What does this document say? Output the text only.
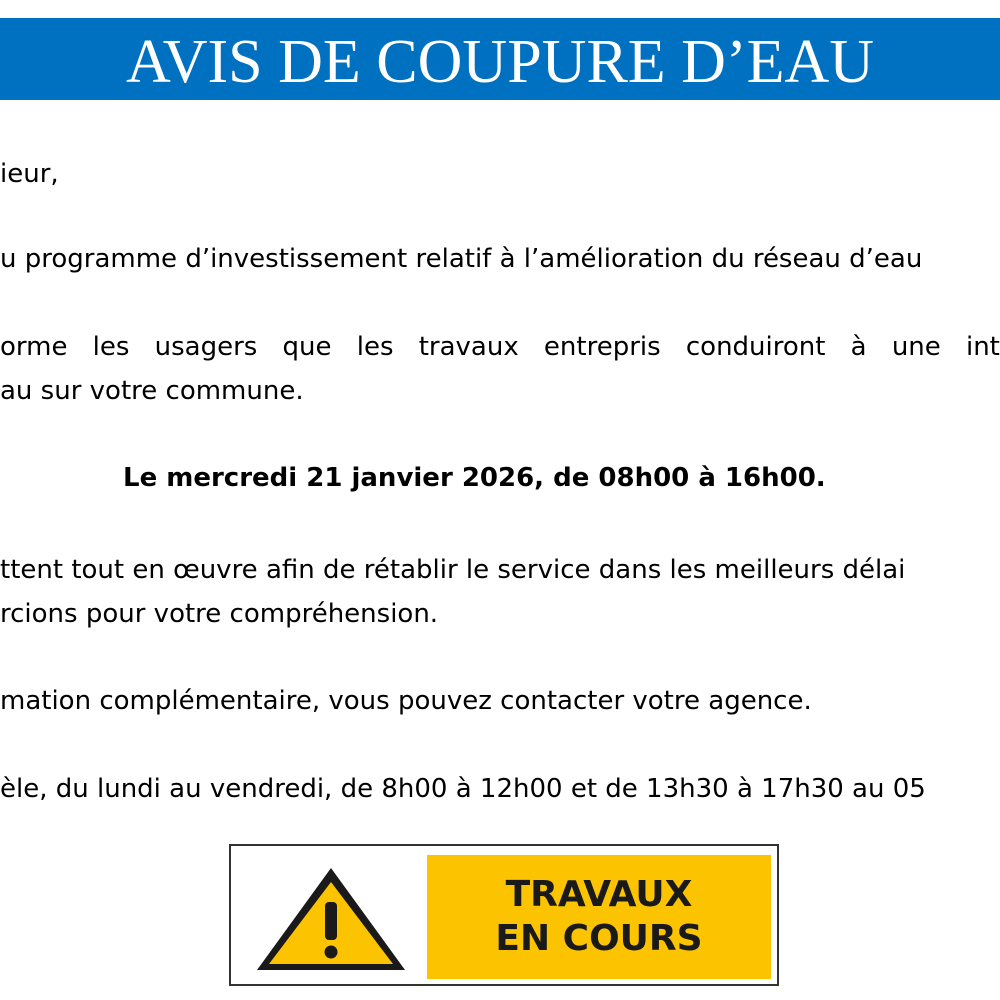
AVIS DE COUPURE D’EAU
ieur,
u programme d’investissement relatif à l’amélioration du réseau d’eau
orme les usagers que les travaux entrepris conduiront à une int
au sur votre commune.
Le mercredi 21 janvier 2026, de 08h00 à 16h00.
ttent tout en œuvre afin de rétablir le service dans les meilleurs délai
rcions pour votre compréhension.
mation complémentaire, vous pouvez contacter votre agence.
èle, du lundi au vendredi, de 8h00 à 12h00 et de 13h30 à 17h30 au 05
TRAVAUX
EN COURS
